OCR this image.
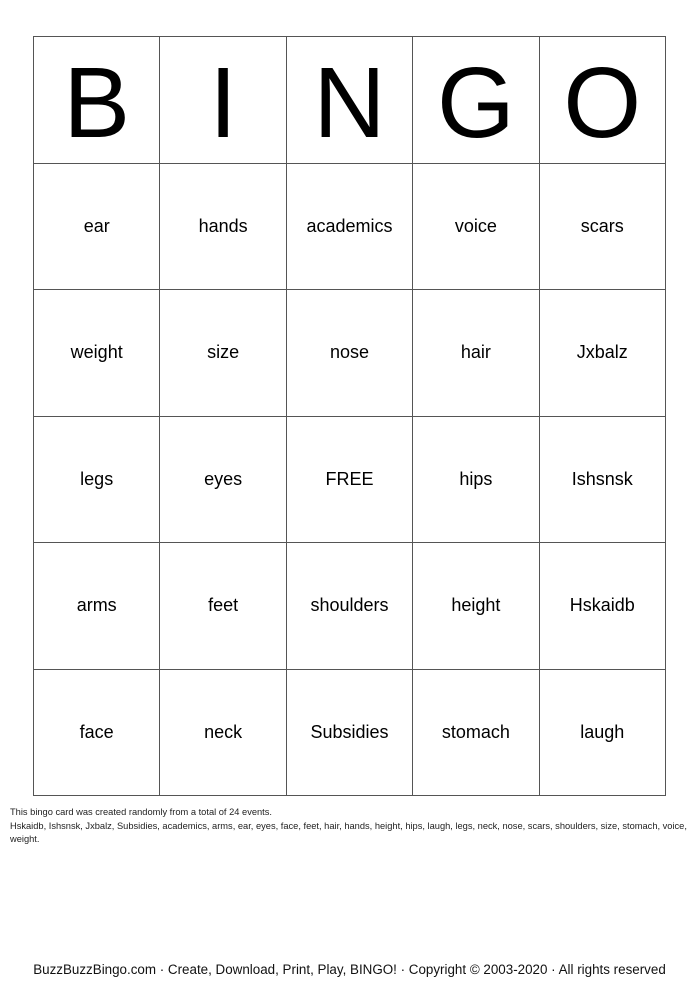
B I N G O
ear	hands	academics	voice	scars
weight	size	nose	hair	Jxbalz
legs	eyes	FREE	hips	Ishsnsk
arms	feet	shoulders	height	Hskaidb
face	neck	Subsidies	stomach	laugh
This bingo card was created randomly from a total of 24 events.
Hskaidb, Ishsnsk, Jxbalz, Subsidies, academics, arms, ear, eyes, face, feet, hair, hands, height, hips, laugh, legs, neck, nose, scars, shoulders, size, stomach, voice, weight.
BuzzBuzzBingo.com · Create, Download, Print, Play, BINGO! · Copyright © 2003-2020 · All rights reserved
